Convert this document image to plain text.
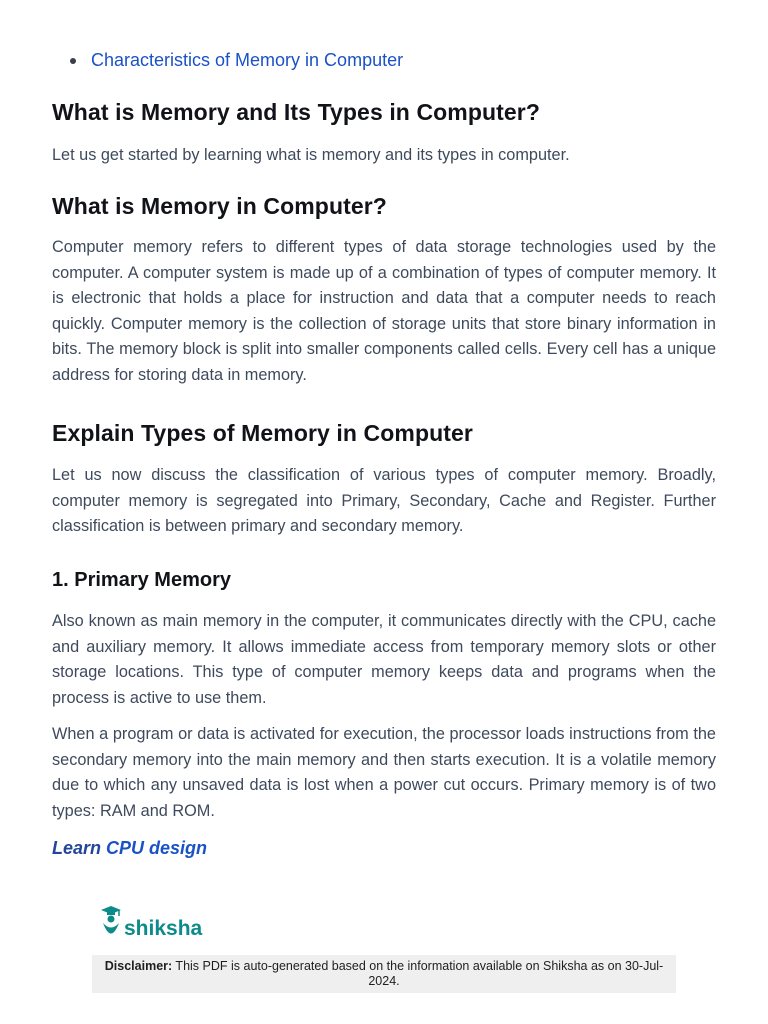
Characteristics of Memory in Computer
What is Memory and Its Types in Computer?

Let us get started by learning what is memory and its types in computer.

What is Memory in Computer?

Computer memory refers to different types of data storage technologies used by the computer. A computer system is made up of a combination of types of computer memory. It is electronic that holds a place for instruction and data that a computer needs to reach quickly. Computer memory is the collection of storage units that store binary information in bits. The memory block is split into smaller components called cells. Every cell has a unique address for storing data in memory.

Explain Types of Memory in Computer

Let us now discuss the classification of various types of computer memory. Broadly, computer memory is segregated into Primary, Secondary, Cache and Register. Further classification is between primary and secondary memory.

1. Primary Memory

Also known as main memory in the computer, it communicates directly with the CPU, cache and auxiliary memory. It allows immediate access from temporary memory slots or other storage locations. This type of computer memory keeps data and programs when the process is active to use them.

When a program or data is activated for execution, the processor loads instructions from the secondary memory into the main memory and then starts execution. It is a volatile memory due to which any unsaved data is lost when a power cut occurs. Primary memory is of two types: RAM and ROM.

Learn CPU design
shiksha
Disclaimer: This PDF is auto-generated based on the information available on Shiksha as on 30-Jul-2024.
